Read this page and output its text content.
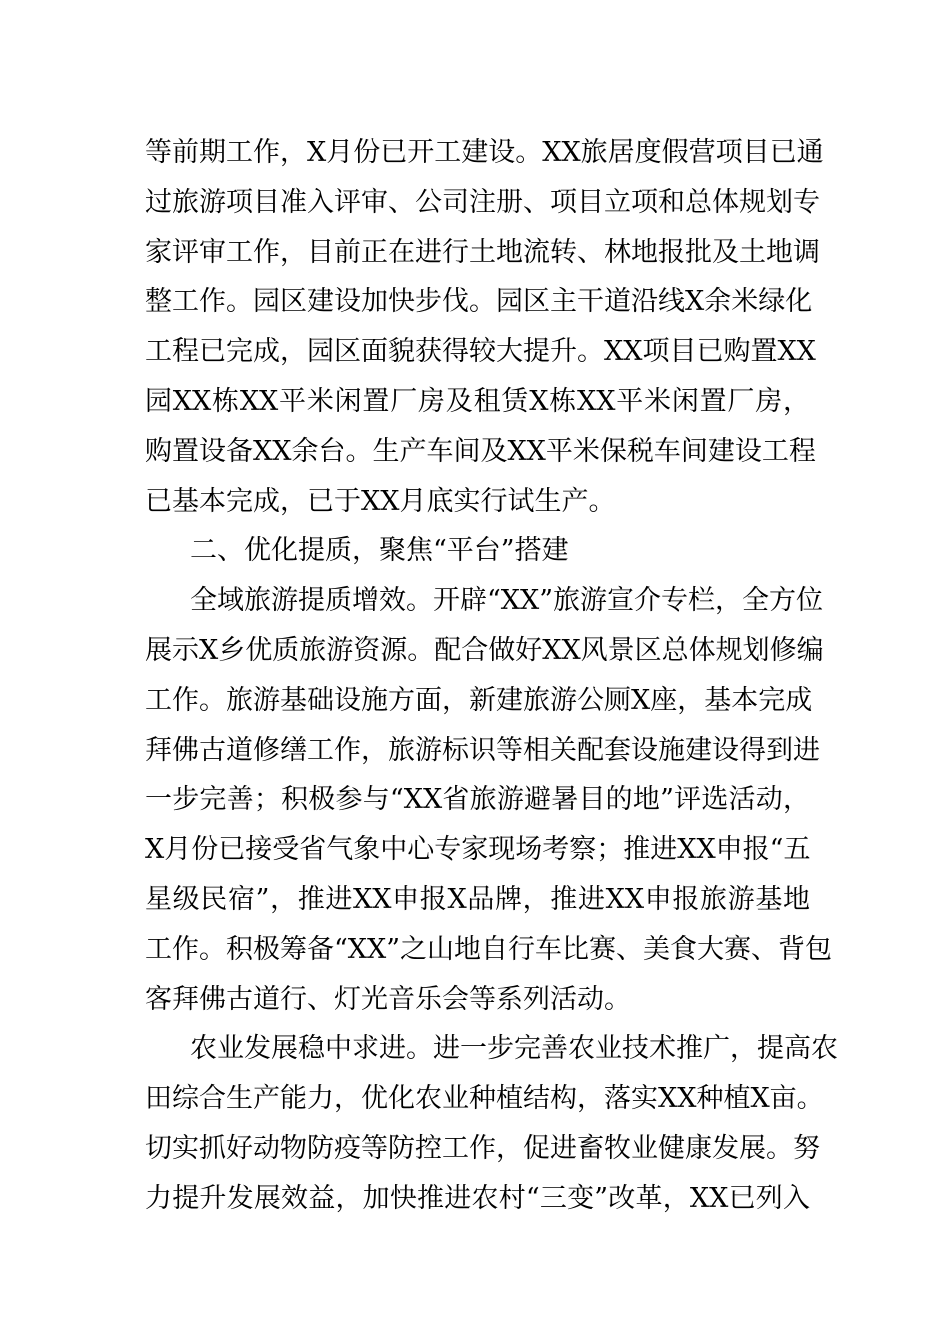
等前期工作，X月份已开工建设。XX旅居度假营项目已通
过旅游项目准入评审、公司注册、项目立项和总体规划专
家评审工作，目前正在进行土地流转、林地报批及土地调
整工作。园区建设加快步伐。园区主干道沿线X余米绿化
工程已完成，园区面貌获得较大提升。XX项目已购置XX
园XX栋XX平米闲置厂房及租赁X栋XX平米闲置厂房，
购置设备XX余台。生产车间及XX平米保税车间建设工程
已基本完成，已于XX月底实行试生产。
二、优化提质，聚焦“平台”搭建
全域旅游提质增效。开辟“XX”旅游宣介专栏，全方位
展示X乡优质旅游资源。配合做好XX风景区总体规划修编
工作。旅游基础设施方面，新建旅游公厕X座，基本完成
拜佛古道修缮工作，旅游标识等相关配套设施建设得到进
一步完善；积极参与“XX省旅游避暑目的地”评选活动，
X月份已接受省气象中心专家现场考察；推进XX申报“五
星级民宿”，推进XX申报X品牌，推进XX申报旅游基地
工作。积极筹备“XX”之山地自行车比赛、美食大赛、背包
客拜佛古道行、灯光音乐会等系列活动。
农业发展稳中求进。进一步完善农业技术推广，提高农
田综合生产能力，优化农业种植结构，落实XX种植X亩。
切实抓好动物防疫等防控工作，促进畜牧业健康发展。努
力提升发展效益，加快推进农村“三变”改革，XX已列入
